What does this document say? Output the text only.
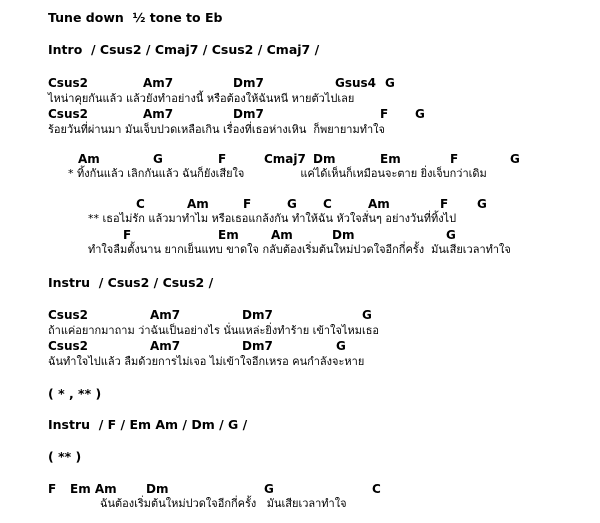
Tune down  ½ tone to Eb
Intro  / Csus2 / Cmaj7 / Csus2 / Cmaj7 /
Csus2	Am7	Dm7	Gsus4 G
ไหน่าคุยกันแล้ว แล้วยังทำอย่างนี้ หรือต้องให้ฉันหนี หายตัวไปเลย
Csus2	Am7	Dm7	F G
ร้อยวันที่ผ่านมา มันเจ็บปวดเหลือเกิน เรื่องที่เธอห่างเหิน  ก็พยายามทำใจ
Am	G	F	Cmaj7 Dm	Em	F	G
* ทิ้งกันแล้ว เลิกกันแล้ว ฉันก็ยังเสียใจ                แค่ได้เห็นก็เหมือนจะตาย ยิ่งเจ็บกว่าเดิม
C	Am	F	G C	Am	F G
** เธอไม่รัก แล้วมาทำไม หรือเธอแกล้งกัน ทำให้ฉัน หัวใจสั่นๆ อย่างวันที่ทิ้งไป
F	Em	Am	Dm	G
ทำใจลืมตั้งนาน ยากเย็นแทบ ขาดใจ กลับต้องเริ่มต้นใหม่ปวดใจอีกกี่ครั้ง  มันเสียเวลาทำใจ
Instru  / Csus2 / Csus2 /
Csus2	Am7	Dm7	G
ถ้าแค่อยากมาถาม ว่าฉันเป็นอย่างไร นั่นแหล่ะยิ่งทำร้าย เข้าใจไหมเธอ
Csus2	Am7	Dm7	G
ฉันทำใจไปแล้ว ลืมด้วยการไม่เจอ ไม่เข้าใจอีกเหรอ คนกำลังจะหาย
( * , ** )
Instru  / F / Em Am / Dm / G /
( ** )
F Em Am Dm	G	C
ฉันต้องเริ่มต้นใหม่ปวดใจอีกกี่ครั้ง   มันเสียเวลาทำใจ
